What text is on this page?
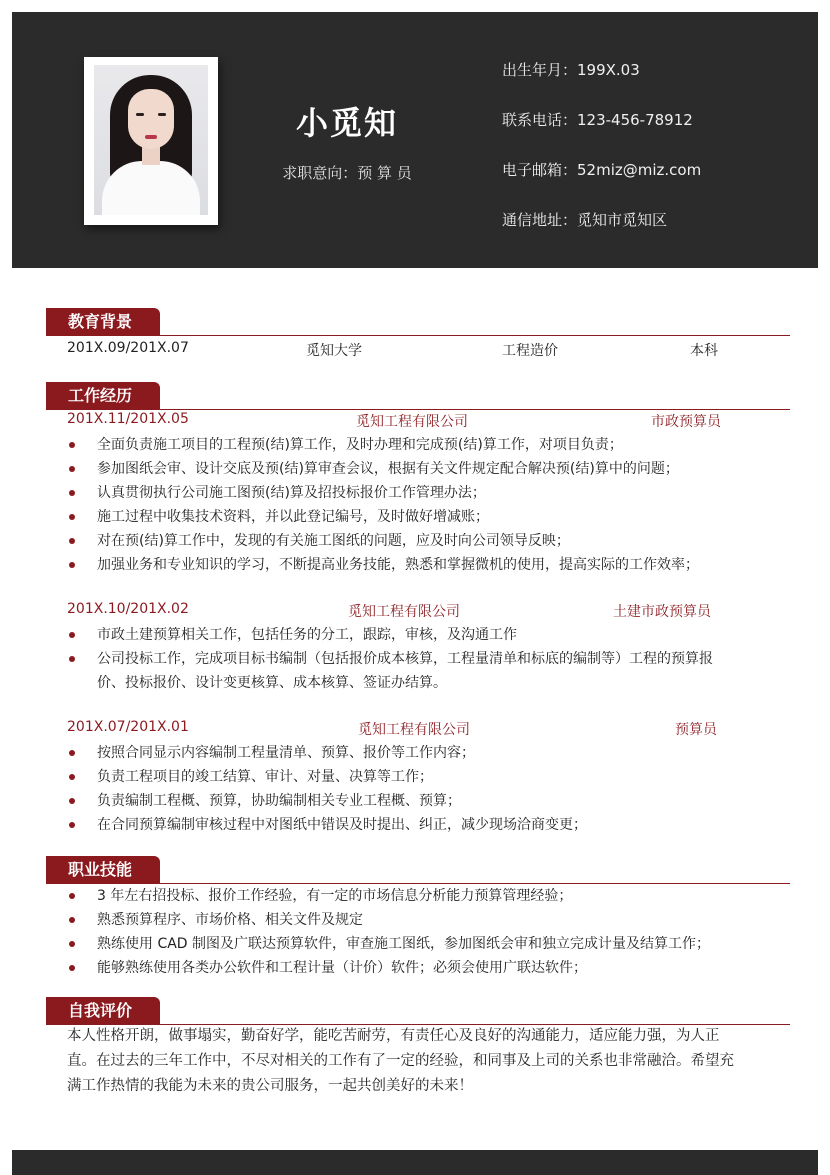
小觅知
求职意向：预 算 员
出生年月：199X.03
联系电话：123-456-78912
电子邮箱：52miz@miz.com
通信地址：觅知市觅知区
教育背景
201X.09/201X.07	觅知大学	工程造价	本科
工作经历
201X.11/201X.05	觅知工程有限公司	市政预算员
全面负责施工项目的工程预(结)算工作，及时办理和完成预(结)算工作，对项目负责；
参加图纸会审、设计交底及预(结)算审查会议，根据有关文件规定配合解决预(结)算中的问题；
认真贯彻执行公司施工图预(结)算及招投标报价工作管理办法；
施工过程中收集技术资料，并以此登记编号，及时做好增减账；
对在预(结)算工作中，发现的有关施工图纸的问题，应及时向公司领导反映；
加强业务和专业知识的学习，不断提高业务技能，熟悉和掌握微机的使用，提高实际的工作效率；
201X.10/201X.02	觅知工程有限公司	土建市政预算员
市政土建预算相关工作，包括任务的分工，跟踪，审核，及沟通工作
公司投标工作，完成项目标书编制（包括报价成本核算，工程量清单和标底的编制等）工程的预算报价、投标报价、设计变更核算、成本核算、签证办结算。
201X.07/201X.01	觅知工程有限公司	预算员
按照合同显示内容编制工程量清单、预算、报价等工作内容；
负责工程项目的竣工结算、审计、对量、决算等工作；
负责编制工程概、预算，协助编制相关专业工程概、预算；
在合同预算编制审核过程中对图纸中错误及时提出、纠正，减少现场洽商变更；
职业技能
3 年左右招投标、报价工作经验，有一定的市场信息分析能力预算管理经验；
熟悉预算程序、市场价格、相关文件及规定
熟练使用 CAD 制图及广联达预算软件，审查施工图纸，参加图纸会审和独立完成计量及结算工作；
能够熟练使用各类办公软件和工程计量（计价）软件；必须会使用广联达软件；
自我评价
本人性格开朗，做事塌实，勤奋好学，能吃苦耐劳，有责任心及良好的沟通能力，适应能力强，为人正直。在过去的三年工作中，不尽对相关的工作有了一定的经验，和同事及上司的关系也非常融洽。希望充满工作热情的我能为未来的贵公司服务，一起共创美好的未来！
